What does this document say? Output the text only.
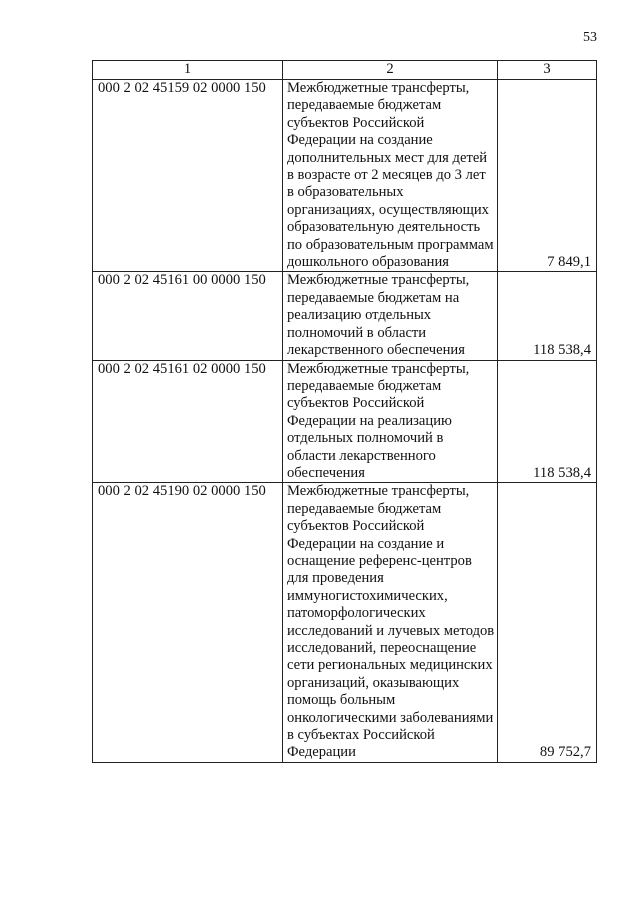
53
1	2	3
000 2 02 45159 02 0000 150	Межбюджетные трансферты, передаваемые бюджетам субъектов Российской Федерации на создание дополнительных мест для детей в возрасте от 2 месяцев до 3 лет в образовательных организациях, осуществляющих образовательную деятельность по образовательным программам дошкольного образования	7 849,1
000 2 02 45161 00 0000 150	Межбюджетные трансферты, передаваемые бюджетам на реализацию отдельных полномочий в области лекарственного обеспечения	118 538,4
000 2 02 45161 02 0000 150	Межбюджетные трансферты, передаваемые бюджетам субъектов Российской Федерации на реализацию отдельных полномочий в области лекарственного обеспечения	118 538,4
000 2 02 45190 02 0000 150	Межбюджетные трансферты, передаваемые бюджетам субъектов Российской Федерации на создание и оснащение референс-центров для проведения иммуногистохимических, патоморфологических исследований и лучевых методов исследований, переоснащение сети региональных медицинских организаций, оказывающих помощь больным онкологическими заболеваниями в субъектах Российской Федерации	89 752,7
